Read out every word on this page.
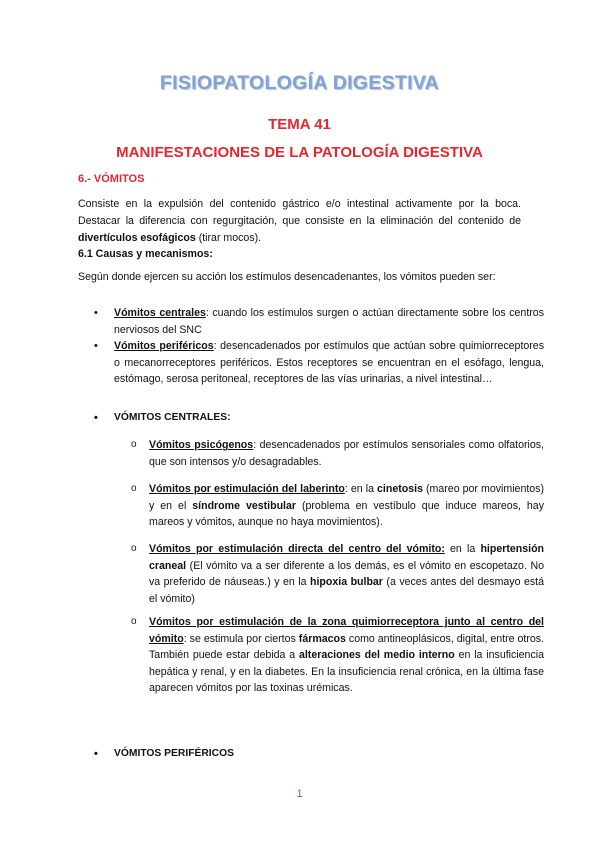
FISIOPATOLOGÍA DIGESTIVA
TEMA 41
MANIFESTACIONES DE LA PATOLOGÍA DIGESTIVA
6.- VÓMITOS
Consiste en la expulsión del contenido gástrico e/o intestinal activamente por la boca. Destacar la diferencia con regurgitación, que consiste en la eliminación del contenido de divertículos esofágicos (tirar mocos).
6.1 Causas y mecanismos:
Según donde ejercen su acción los estímulos desencadenantes, los vómitos pueden ser:
• Vómitos centrales: cuando los estímulos surgen o actúan directamente sobre los centros nerviosos del SNC
• Vómitos periféricos: desencadenados por estímulos que actúan sobre quimiorreceptores o mecanorreceptores periféricos. Estos receptores se encuentran en el esófago, lengua, estómago, serosa peritoneal, receptores de las vías urinarias, a nivel intestinal…
• VÓMITOS CENTRALES:
o Vómitos psicógenos: desencadenados por estímulos sensoriales como olfatorios, que son intensos y/o desagradables.
o Vómitos por estimulación del laberinto: en la cinetosis (mareo por movimientos) y en el síndrome vestibular (problema en vestíbulo que induce mareos, hay mareos y vómitos, aunque no haya movimientos).
o Vómitos por estimulación directa del centro del vómito: en la hipertensión craneal (El vómito va a ser diferente a los demás, es el vómito en escopetazo. No va preferido de náuseas.) y en la hipoxia bulbar (a veces antes del desmayo está el vómito)
o Vómitos por estimulación de la zona quimiorreceptora junto al centro del vómito: se estimula por ciertos fármacos como antineoplásicos, digital, entre otros. También puede estar debida a alteraciones del medio interno en la insuficiencia hepática y renal, y en la diabetes. En la insuficiencia renal crónica, en la última fase aparecen vómitos por las toxinas urémicas.
• VÓMITOS PERIFÉRICOS
1
